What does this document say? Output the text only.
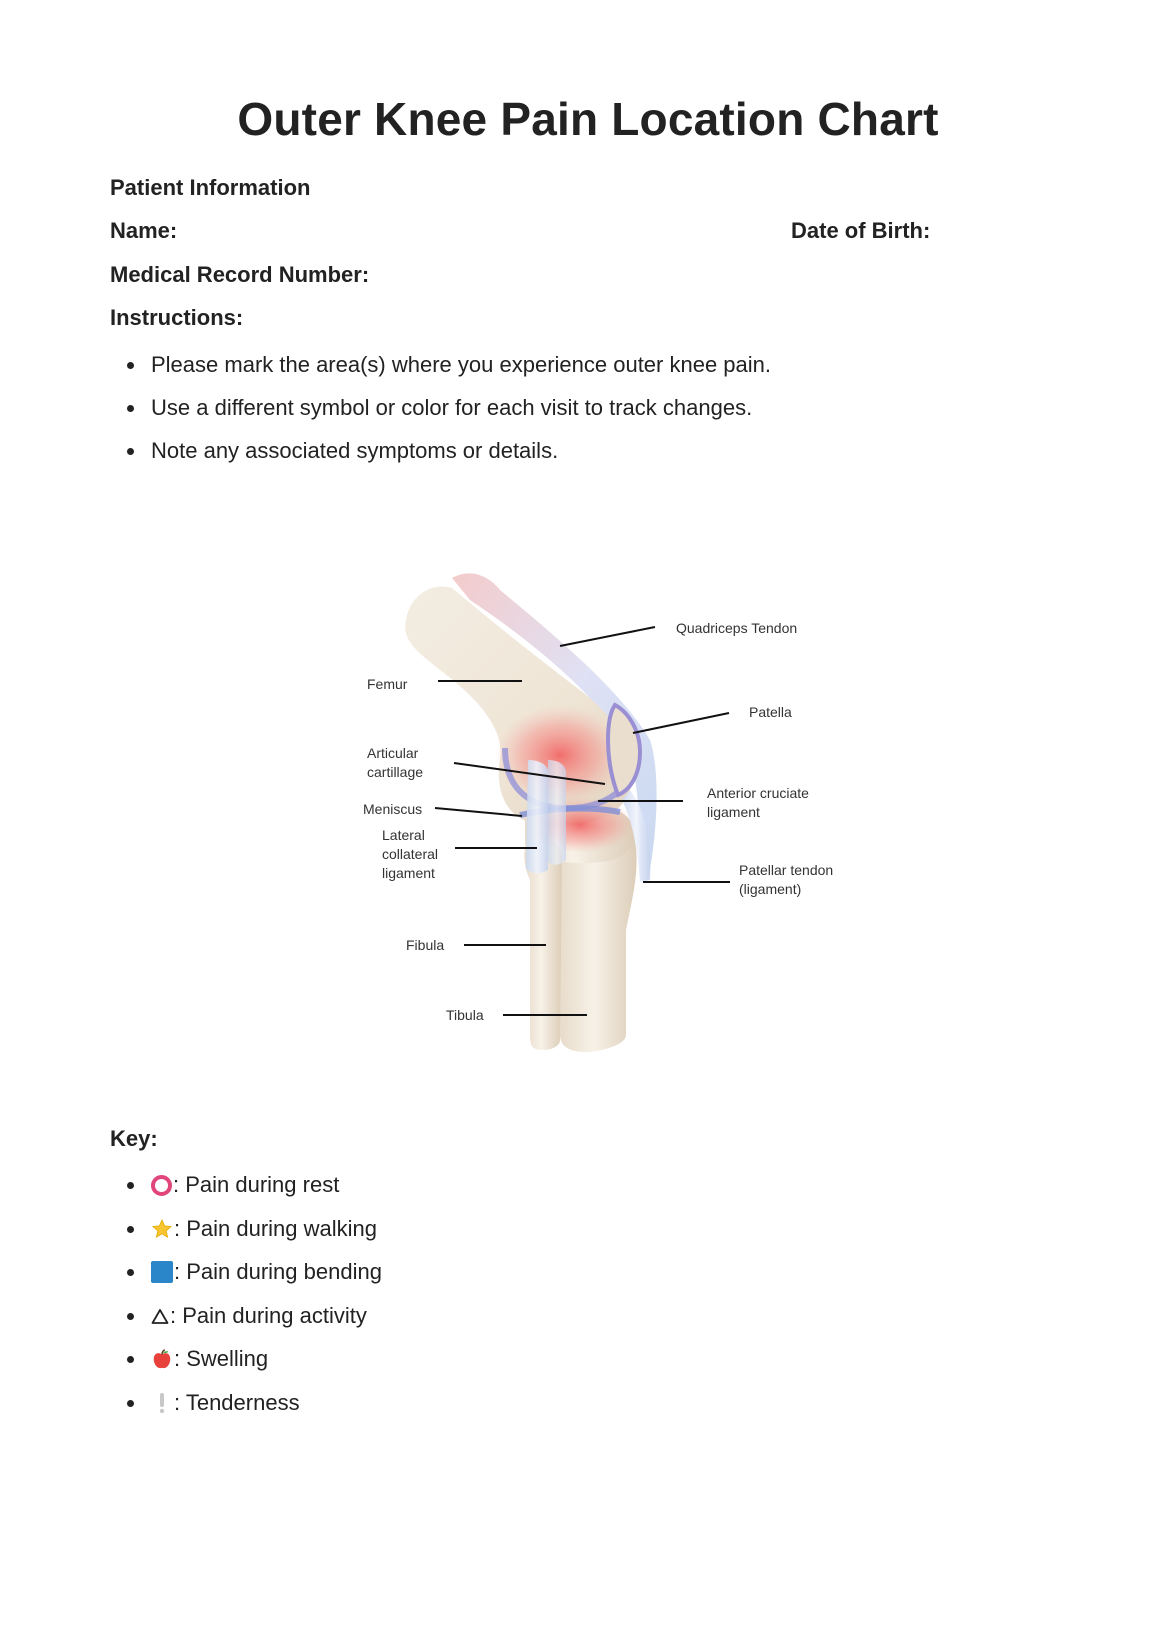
Outer Knee Pain Location Chart
Patient Information
Name:	Date of Birth:
Medical Record Number:
Instructions:
• Please mark the area(s) where you experience outer knee pain.
• Use a different symbol or color for each visit to track changes.
• Note any associated symptoms or details.
Quadriceps Tendon
Femur
Patella
Articular
cartillage
Anterior cruciate
ligament
Meniscus
Lateral
collateral
ligament	Patellar tendon
(ligament)
Fibula
Tibula
Key:
• : Pain during rest
• : Pain during walking
• : Pain during bending
• : Pain during activity
• : Swelling
• : Tenderness
